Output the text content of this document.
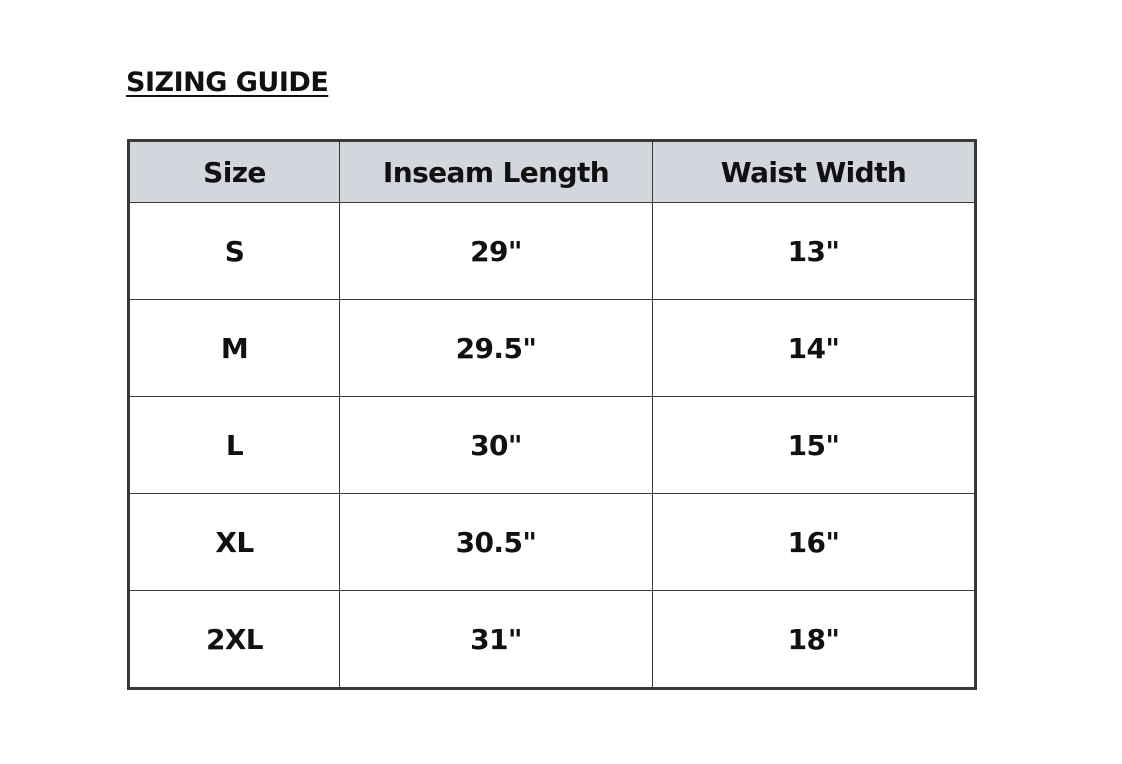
SIZING GUIDE
Size	Inseam Length	Waist Width
S	29"	13"
M	29.5"	14"
L	30"	15"
XL	30.5"	16"
2XL	31"	18"
